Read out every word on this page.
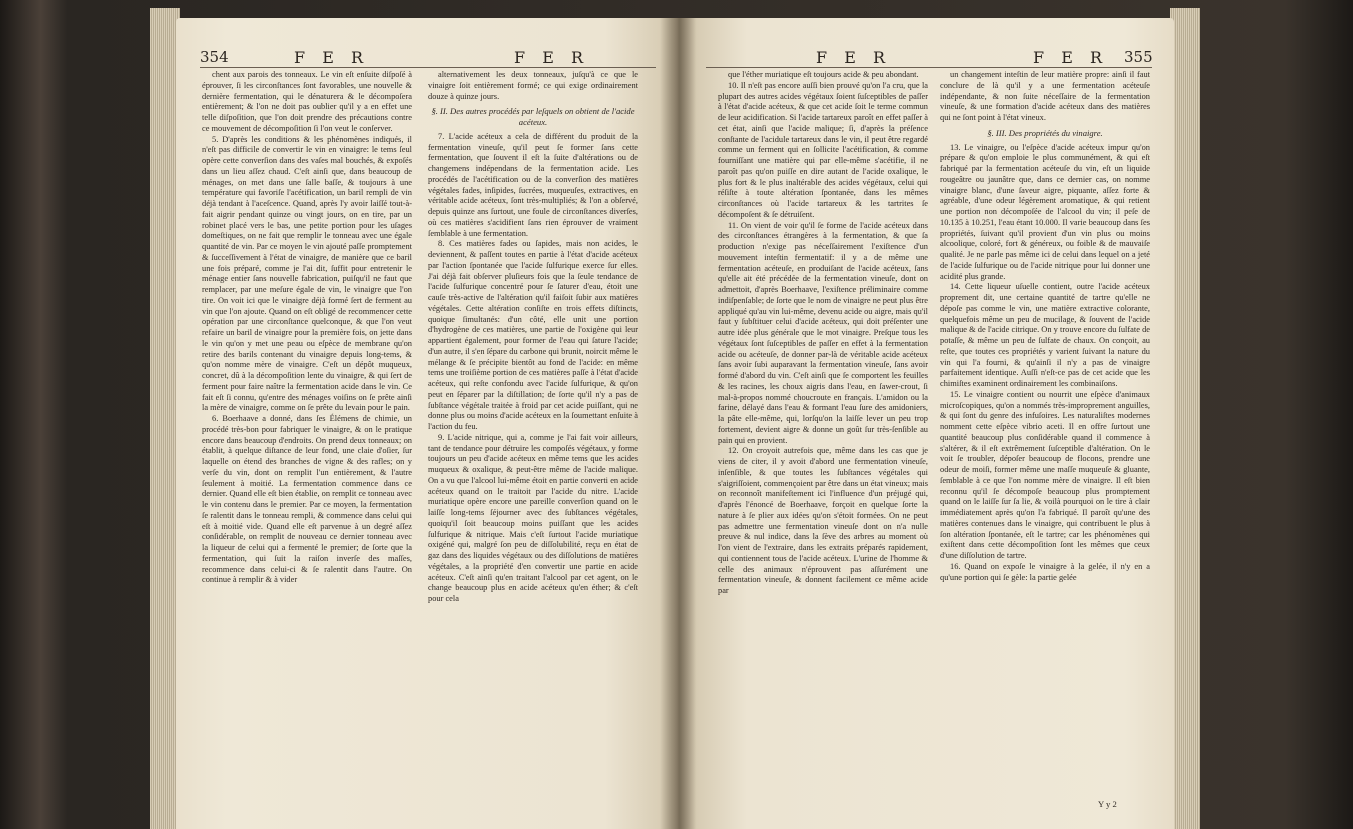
354	F E R	F E R

chent aux parois des tonneaux. Le vin eſt enſuite diſpoſé à éprouver, ſi les circonſtances ſont favorables, une nouvelle & dernière fermentation, qui le dénaturera & le décompoſera entièrement; & l'on ne doit pas oublier qu'il y a en effet une telle diſpoſition, que l'on doit prendre des précautions contre ce mouvement de décompoſition ſi l'on veut le conſerver.

5. D'après les conditions & les phénomènes indiqués, il n'eſt pas difficile de convertir le vin en vinaigre: le tems ſeul opère cette converſion dans des vaſes mal bouchés, & expoſés dans un lieu aſſez chaud. C'eſt ainſi que, dans beaucoup de ménages, on met dans une ſalle baſſe, & toujours à une température qui favoriſe l'acétification, un baril rempli de vin déjà tendant à l'aceſcence. Quand, après l'y avoir laiſſé tout-à-fait aigrir pendant quinze ou vingt jours, on en tire, par un robinet placé vers le bas, une petite portion pour les uſages domeſtiques, on ne fait que remplir le tonneau avec une égale quantité de vin. Par ce moyen le vin ajouté paſſe promptement & ſucceſſivement à l'état de vinaigre, de manière que ce baril une fois préparé, comme je l'ai dit, ſuffit pour entretenir le ménage entier ſans nouvelle fabrication, puiſqu'il ne faut que remplacer, par une meſure égale de vin, le vinaigre que l'on tire. On voit ici que le vinaigre déjà formé ſert de ferment au vin que l'on ajoute. Quand on eſt obligé de recommencer cette opération par une circonſtance quelconque, & que l'on veut refaire un baril de vinaigre pour la première fois, on jette dans le vin qu'on y met une peau ou eſpèce de membrane qu'on retire des barils contenant du vinaigre depuis long-tems, & qu'on nomme mère de vinaigre. C'eſt un dépôt muqueux, concret, dû à la décompoſition lente du vinaigre, & qui ſert de ferment pour faire naître la fermentation acide dans le vin. Ce fait eſt ſi connu, qu'entre des ménages voiſins on ſe prête ainſi la mère de vinaigre, comme on ſe prête du levain pour le pain.

6. Boerhaave a donné, dans ſes Élémens de chimie, un procédé très-bon pour fabriquer le vinaigre, & on le pratique encore dans beaucoup d'endroits. On prend deux tonneaux; on établit, à quelque diſtance de leur fond, une claie d'oſier, ſur laquelle on étend des branches de vigne & des rafles; on y verſe du vin, dont on remplit l'un entièrement, & l'autre ſeulement à moitié. La fermentation commence dans ce dernier. Quand elle eſt bien établie, on remplit ce tonneau avec le vin contenu dans le premier. Par ce moyen, la fermentation ſe ralentit dans le tonneau rempli, & commence dans celui qui eſt à moitié vide. Quand elle eſt parvenue à un degré aſſez conſidérable, on remplit de nouveau ce dernier tonneau avec la liqueur de celui qui a fermenté le premier; de ſorte que la fermentation, qui ſuit la raiſon inverſe des maſſes, recommence dans celui-ci & ſe ralentit dans l'autre. On continue à remplir & à vider

alternativement les deux tonneaux, juſqu'à ce que le vinaigre ſoit entièrement formé; ce qui exige ordinairement douze à quinze jours.

§. II. Des autres procédés par leſquels on obtient de l'acide acéteux.

7. L'acide acéteux a cela de différent du produit de la fermentation vineuſe, qu'il peut ſe former ſans cette fermentation, que ſouvent il eſt la ſuite d'altérations ou de changemens indépendans de la fermentation acide. Les procédés de l'acétification ou de la converſion des matières végétales fades, inſipides, ſucrées, muqueuſes, extractives, en véritable acide acéteux, ſont très-multipliés; & l'on a obſervé, depuis quinze ans ſurtout, une foule de circonſtances diverſes, où ces matières s'acidifient ſans rien éprouver de vraiment ſemblable à une fermentation.

8. Ces matières fades ou ſapides, mais non acides, le deviennent, & paſſent toutes en partie à l'état d'acide acéteux par l'action ſpontanée que l'acide ſulfurique exerce ſur elles. J'ai déjà fait obſerver pluſieurs fois que la ſeule tendance de l'acide ſulfurique concentré pour ſe ſaturer d'eau, étoit une cauſe très-active de l'altération qu'il faiſoit ſubir aux matières végétales. Cette altération conſiſte en trois effets diſtincts, quoique ſimultanés: d'un côté, elle unit une portion d'hydrogène de ces matières, une partie de l'oxigène qui leur appartient également, pour former de l'eau qui ſature l'acide; d'un autre, il s'en ſépare du carbone qui brunit, noircit même le mélange & ſe précipite bientôt au fond de l'acide: en même tems une troiſième portion de ces matières paſſe à l'état d'acide acéteux, qui reſte confondu avec l'acide ſulfurique, & qu'on peut en ſéparer par la diſtillation; de ſorte qu'il n'y a pas de ſubſtance végétale traitée à froid par cet acide puiſſant, qui ne donne plus ou moins d'acide acéteux en la ſoumettant enſuite à l'action du feu.

9. L'acide nitrique, qui a, comme je l'ai fait voir ailleurs, tant de tendance pour détruire les compoſés végétaux, y forme toujours un peu d'acide acéteux en même tems que les acides muqueux & oxalique, & peut-être même de l'acide malique. On a vu que l'alcool lui-même étoit en partie converti en acide acéteux quand on le traitoit par l'acide du nitre. L'acide muriatique opère encore une pareille converſion quand on le laiſſe long-tems ſéjourner avec des ſubſtances végétales, quoiqu'il ſoit beaucoup moins puiſſant que les acides ſulfurique & nitrique. Mais c'eſt ſurtout l'acide muriatique oxigéné qui, malgré ſon peu de diſſolubilité, reçu en état de gaz dans des liquides végétaux ou des diſſolutions de matières végétales, a la propriété d'en convertir une partie en acide acéteux. C'eſt ainſi qu'en traitant l'alcool par cet agent, on le change beaucoup plus en acide acéteux qu'en éther; & c'eſt pour cela

F E R	F E R 355

que l'éther muriatique eſt toujours acide & peu abondant.

10. Il n'eſt pas encore auſſi bien prouvé qu'on l'a cru, que la plupart des autres acides végétaux ſoient ſuſceptibles de paſſer à l'état d'acide acéteux, & que cet acide ſoit le terme commun de leur acidification. Si l'acide tartareux paroît en effet paſſer à cet état, ainſi que l'acide malique; ſi, d'après la préſence conſtante de l'acidule tartareux dans le vin, il peut être regardé comme un ferment qui en ſollicite l'acétification, & comme fourniſſant une matière qui par elle-même s'acétifie, il ne paroît pas qu'on puiſſe en dire autant de l'acide oxalique, le plus fort & le plus inaltérable des acides végétaux, celui qui réſiſte à toute altération ſpontanée, dans les mêmes circonſtances où l'acide tartareux & les tartrites ſe décompoſent & ſe détruiſent.

11. On vient de voir qu'il ſe forme de l'acide acéteux dans des circonſtances étrangères à la fermentation, & que ſa production n'exige pas néceſſairement l'exiſtence d'un mouvement inteſtin fermentatif: il y a de même une fermentation acéteuſe, en produiſant de l'acide acéteux, ſans qu'elle ait été précédée de la fermentation vineuſe, dont on admettoit, d'après Boerhaave, l'exiſtence préliminaire comme indiſpenſable; de ſorte que le nom de vinaigre ne peut plus être appliqué qu'au vin lui-même, devenu acide ou aigre, mais qu'il faut y ſubſtituer celui d'acide acéteux, qui doit préſenter une autre idée plus générale que le mot vinaigre. Preſque tous les végétaux ſont ſuſceptibles de paſſer en effet à la fermentation acide ou acéteuſe, de donner par-là de véritable acide acéteux ſans avoir ſubi auparavant la fermentation vineuſe, ſans avoir formé d'abord du vin. C'eſt ainſi que ſe comportent les feuilles & les racines, les choux aigris dans l'eau, en ſawer-crout, ſi mal-à-propos nommé choucroute en français. L'amidon ou la farine, délayé dans l'eau & formant l'eau ſure des amidoniers, la pâte elle-même, qui, lorſqu'on la laiſſe lever un peu trop fortement, devient aigre & donne un goût ſur très-ſenſible au pain qui en provient.

12. On croyoit autrefois que, même dans les cas que je viens de citer, il y avoit d'abord une fermentation vineuſe, inſenſible, & que toutes les ſubſtances végétales qui s'aigriſſoient, commençoient par être dans un état vineux; mais on reconnoît manifeſtement ici l'influence d'un préjugé qui, d'après l'énoncé de Boerhaave, forçoit en quelque ſorte la nature à ſe plier aux idées qu'on s'étoit formées. On ne peut pas admettre une fermentation vineuſe dont on n'a nulle preuve & nul indice, dans la ſève des arbres au moment où l'on vient de l'extraire, dans les extraits préparés rapidement, qui contiennent tous de l'acide acéteux. L'urine de l'homme & celle des animaux n'éprouvent pas aſſurément une fermentation vineuſe, & donnent facilement ce même acide par

un changement inteſtin de leur matière propre: ainſi il faut conclure de là qu'il y a une fermentation acéteuſe indépendante, & non ſuite néceſſaire de la fermentation vineuſe, & une formation d'acide acéteux dans des matières qui ne ſont point à l'état vineux.

§. III. Des propriétés du vinaigre.

13. Le vinaigre, ou l'eſpèce d'acide acéteux impur qu'on prépare & qu'on emploie le plus communément, & qui eſt fabriqué par la fermentation acéteuſe du vin, eſt un liquide rougeâtre ou jaunâtre que, dans ce dernier cas, on nomme vinaigre blanc, d'une ſaveur aigre, piquante, aſſez forte & agréable, d'une odeur légèrement aromatique, & qui retient une portion non décompoſée de l'alcool du vin; il peſe de 10.135 à 10.251, l'eau étant 10.000. Il varie beaucoup dans ſes propriétés, ſuivant qu'il provient d'un vin plus ou moins alcoolique, coloré, fort & généreux, ou foible & de mauvaiſe qualité. Je ne parle pas même ici de celui dans lequel on a jeté de l'acide ſulfurique ou de l'acide nitrique pour lui donner une acidité plus grande.

14. Cette liqueur uſuelle contient, outre l'acide acéteux proprement dit, une certaine quantité de tartre qu'elle ne dépoſe pas comme le vin, une matière extractive colorante, quelquefois même un peu de mucilage, & ſouvent de l'acide malique & de l'acide citrique. On y trouve encore du ſulfate de potaſſe, & même un peu de ſulfate de chaux. On conçoit, au reſte, que toutes ces propriétés y varient ſuivant la nature du vin qui l'a fourni, & qu'ainſi il n'y a pas de vinaigre parfaitement identique. Auſſi n'eſt-ce pas de cet acide que les chimiſtes examinent ordinairement les combinaiſons.

15. Le vinaigre contient ou nourrit une eſpèce d'animaux microſcopiques, qu'on a nommés très-improprement anguilles, & qui ſont du genre des infuſoires. Les naturaliſtes modernes nomment cette eſpèce vibrio aceti. Il en offre ſurtout une quantité beaucoup plus conſidérable quand il commence à s'altérer, & il eſt extrêmement ſuſceptible d'altération. On le voit ſe troubler, dépoſer beaucoup de flocons, prendre une odeur de moiſi, former même une maſſe muqueuſe & gluante, ſemblable à ce que l'on nomme mère de vinaigre. Il eſt bien reconnu qu'il ſe décompoſe beaucoup plus promptement quand on le laiſſe ſur ſa lie, & voilà pourquoi on le tire à clair immédiatement après qu'on l'a fabriqué. Il paroît qu'une des matières contenues dans le vinaigre, qui contribuent le plus à ſon altération ſpontanée, eſt le tartre; car les phénomènes qui exiſtent dans cette décompoſition ſont les mêmes que ceux d'une diſſolution de tartre.

16. Quand on expoſe le vinaigre à la gelée, il n'y en a qu'une portion qui ſe gèle: la partie gelée

Y y 2
